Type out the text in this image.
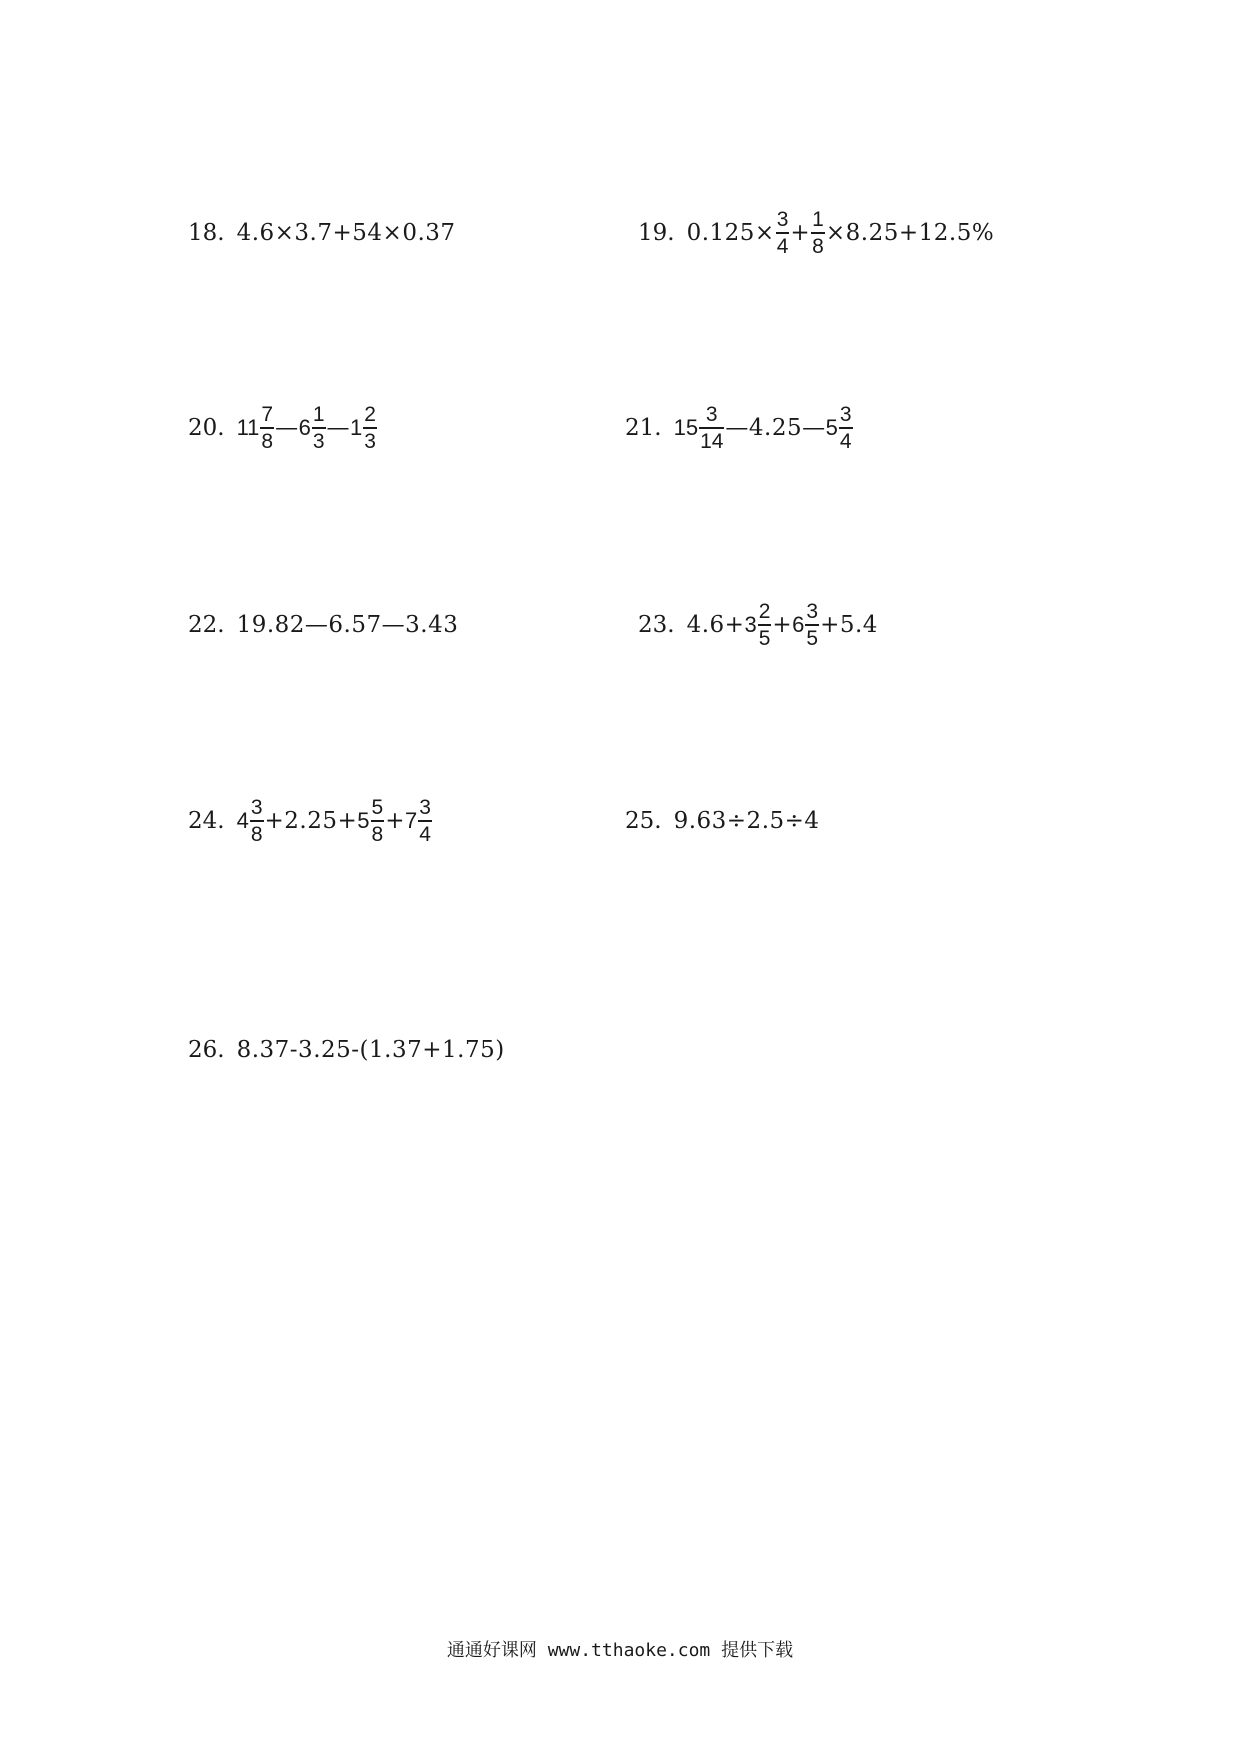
18. 4.6×3.7+54×0.37	19. $0.125\times \frac{3}{4} + \frac{1}{8} \times 8.25+12.5\%$
20. $11 \frac{7}{8}$ — $6 \frac{1}{3}$ — $1 \frac{2}{3}$	21. $15 \frac{3}{14}$ —4.25— $5 \frac{3}{4}$
22. 19.82—6.57—3.43	23. $4.6+ 3 \frac{2}{5} + 6 \frac{3}{5} +5.4$
24. $4 \frac{3}{8} +2.25+ 5 \frac{5}{8} + 7 \frac{3}{4}$	25. 9.63÷2.5÷4
26. 8.37-3.25-(1.37+1.75)
通通好课网 www.tthaoke.com 提供下载
